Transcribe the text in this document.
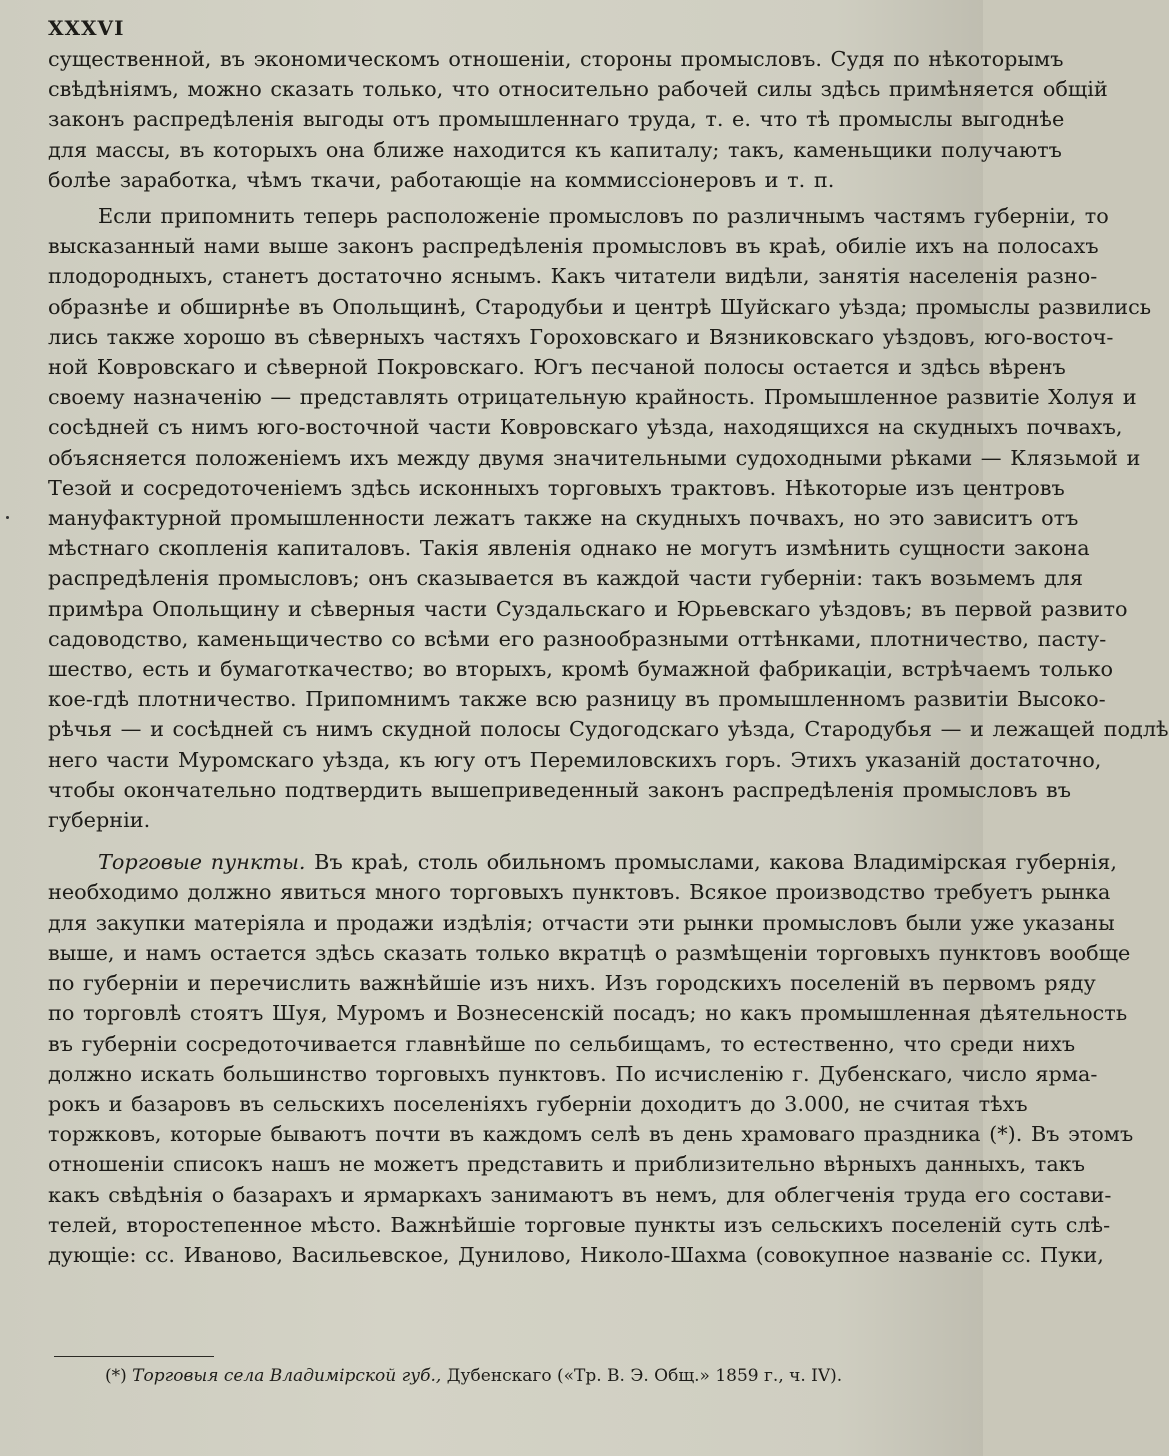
XXXVI
существенной, въ экономическомъ отношеніи, стороны промысловъ. Судя по нѣкоторымъ
свѣдѣніямъ, можно сказать только, что относительно рабочей силы здѣсь примѣняется общій
законъ распредѣленія выгоды отъ промышленнаго труда, т. е. что тѣ промыслы выгоднѣе
для массы, въ которыхъ она ближе находится къ капиталу; такъ, каменьщики получаютъ
болѣе заработка, чѣмъ ткачи, работающіе на коммиссіонеровъ и т. п.
Если припомнить теперь расположеніе промысловъ по различнымъ частямъ губерніи, то
высказанный нами выше законъ распредѣленія промысловъ въ краѣ, обиліе ихъ на полосахъ
плодородныхъ, станетъ достаточно яснымъ. Какъ читатели видѣли, занятія населенія разно-
образнѣе и обширнѣе въ Опольщинѣ, Стародубьи и центрѣ Шуйскаго уѣзда; промыслы развились
лись также хорошо въ сѣверныхъ частяхъ Гороховскаго и Вязниковскаго уѣздовъ, юго-восточ-
ной Ковровскаго и сѣверной Покровскаго. Югъ песчаной полосы остается и здѣсь вѣренъ
своему назначенію — представлять отрицательную крайность. Промышленное развитіе Холуя и
сосѣдней съ нимъ юго-восточной части Ковровскаго уѣзда, находящихся на скудныхъ почвахъ,
объясняется положеніемъ ихъ между двумя значительными судоходными рѣками — Клязьмой и
Тезой и сосредоточеніемъ здѣсь исконныхъ торговыхъ трактовъ. Нѣкоторые изъ центровъ
мануфактурной промышленности лежатъ также на скудныхъ почвахъ, но это зависитъ отъ
мѣстнаго скопленія капиталовъ. Такія явленія однако не могутъ измѣнить сущности закона
распредѣленія промысловъ; онъ сказывается въ каждой части губерніи: такъ возьмемъ для
примѣра Опольщину и сѣверныя части Суздальскаго и Юрьевскаго уѣздовъ; въ первой развито
садоводство, каменьщичество со всѣми его разнообразными оттѣнками, плотничество, пасту-
шество, есть и бумаготкачество; во вторыхъ, кромѣ бумажной фабрикаціи, встрѣчаемъ только
кое-гдѣ плотничество. Припомнимъ также всю разницу въ промышленномъ развитіи Высоко-
рѣчья — и сосѣдней съ нимъ скудной полосы Судогодскаго уѣзда, Стародубья — и лежащей подлѣ
него части Муромскаго уѣзда, къ югу отъ Перемиловскихъ горъ. Этихъ указаній достаточно,
чтобы окончательно подтвердить вышеприведенный законъ распредѣленія промысловъ въ
губерніи.
Торговые пункты. Въ краѣ, столь обильномъ промыслами, какова Владимірская губернія,
необходимо должно явиться много торговыхъ пунктовъ. Всякое производство требуетъ рынка
для закупки матеріяла и продажи издѣлія; отчасти эти рынки промысловъ были уже указаны
выше, и намъ остается здѣсь сказать только вкратцѣ о размѣщеніи торговыхъ пунктовъ вообще
по губерніи и перечислить важнѣйшіе изъ нихъ. Изъ городскихъ поселеній въ первомъ ряду
по торговлѣ стоятъ Шуя, Муромъ и Вознесенскій посадъ; но какъ промышленная дѣятельность
въ губерніи сосредоточивается главнѣйше по сельбищамъ, то естественно, что среди нихъ
должно искать большинство торговыхъ пунктовъ. По исчисленію г. Дубенскаго, число ярма-
рокъ и базаровъ въ сельскихъ поселеніяхъ губерніи доходитъ до 3.000, не считая тѣхъ
торжковъ, которые бываютъ почти въ каждомъ селѣ въ день храмоваго праздника (*). Въ этомъ
отношеніи списокъ нашъ не можетъ представить и приблизительно вѣрныхъ данныхъ, такъ
какъ свѣдѣнія о базарахъ и ярмаркахъ занимаютъ въ немъ, для облегченія труда его состави-
телей, второстепенное мѣсто. Важнѣйшіе торговые пункты изъ сельскихъ поселеній суть слѣ-
дующіе: сс. Иваново, Васильевское, Дунилово, Николо-Шахма (совокупное названіе сс. Пуки,
(*) Торговыя села Владимірской губ., Дубенскаго («Тр. В. Э. Общ.» 1859 г., ч. IV).
